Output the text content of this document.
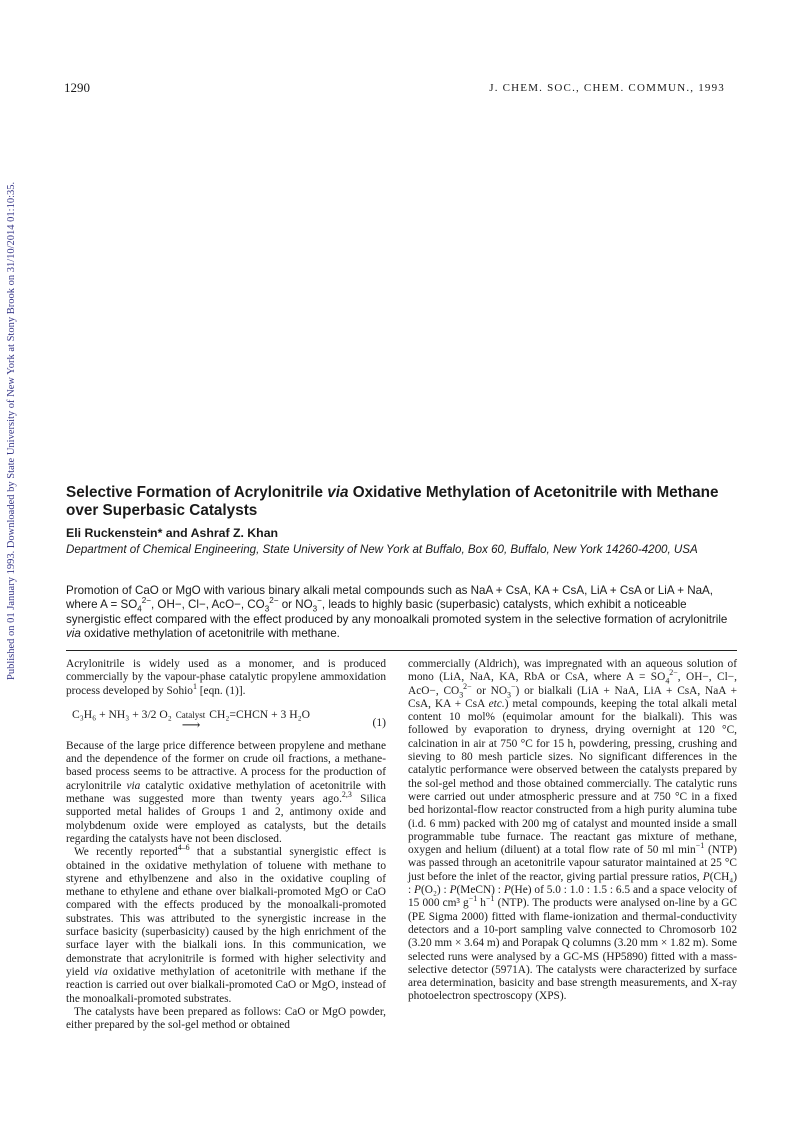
1290	J. CHEM. SOC., CHEM. COMMUN., 1993
Published on 01 January 1993. Downloaded by State University of New York at Stony Brook on 31/10/2014 01:10:35.	Selective Formation of Acrylonitrile via Oxidative Methylation of Acetonitrile with Methane over Superbasic Catalysts
Eli Ruckenstein* and Ashraf Z. Khan
Department of Chemical Engineering, State University of New York at Buffalo, Box 60, Buffalo, New York 14260-4200, USA

Promotion of CaO or MgO with various binary alkali metal compounds such as NaA + CsA, KA + CsA, LiA + CsA or LiA + NaA, where $A = SO_4^{2-}$, OH−, Cl−, AcO−, $CO_3^{2-}$ or $NO_3^-$, leads to highly basic (superbasic) catalysts, which exhibit a noticeable synergistic effect compared with the effect produced by any monoalkali promoted system in the selective formation of acrylonitrile via oxidative methylation of acetonitrile with methane.

Acrylonitrile is widely used as a monomer, and is produced commercially by the vapour-phase catalytic propylene ammoxidation process developed by Sohio$^1$ [eqn. (1)].

C₃H₆ + NH₃ + 3/2 O₂ Catalyst
⟶
CH₂=CHCN + 3 H₂O
(1)

Because of the large price difference between propylene and methane and the dependence of the former on crude oil fractions, a methane-based process seems to be attractive. A process for the production of acrylonitrile via catalytic oxidative methylation of acetonitrile with methane was suggested more than twenty years ago.$^{2,3}$ Silica supported metal halides of Groups 1 and 2, antimony oxide and molybdenum oxide were employed as catalysts, but the details regarding the catalysts have not been disclosed.

We recently reported$^{4-6}$ that a substantial synergistic effect is obtained in the oxidative methylation of toluene with methane to styrene and ethylbenzene and also in the oxidative coupling of methane to ethylene and ethane over bialkali-promoted MgO or CaO compared with the effects produced by the monoalkali-promoted substrates. This was attributed to the synergistic increase in the surface basicity (superbasicity) caused by the high enrichment of the surface layer with the bialkali ions. In this communication, we demonstrate that acrylonitrile is formed with higher selectivity and yield via oxidative methylation of acetonitrile with methane if the reaction is carried out over bialkali-promoted CaO or MgO, instead of the monoalkali-promoted substrates.

The catalysts have been prepared as follows: CaO or MgO powder, either prepared by the sol-gel method or obtained

commercially (Aldrich), was impregnated with an aqueous solution of mono (LiA, NaA, KA, RbA or CsA, where $A = SO_4^{2-}$, OH−, Cl−, AcO−, $CO_3^{2-}$ or $NO_3^-$) or bialkali (LiA + NaA, LiA + CsA, NaA + CsA, KA + CsA etc.) metal compounds, keeping the total alkali metal content 10 mol% (equimolar amount for the bialkali). This was followed by evaporation to dryness, drying overnight at 120 °C, calcination in air at 750 °C for 15 h, powdering, pressing, crushing and sieving to 80 mesh particle sizes. No significant differences in the catalytic performance were observed between the catalysts prepared by the sol-gel method and those obtained commercially. The catalytic runs were carried out under atmospheric pressure and at 750 °C in a fixed bed horizontal-flow reactor constructed from a high purity alumina tube (i.d. 6 mm) packed with 200 mg of catalyst and mounted inside a small programmable tube furnace. The reactant gas mixture of methane, oxygen and helium (diluent) at a total flow rate of 50 ml $\min^{-1} (NTP)$ was passed through an acetonitrile vapour saturator maintained at 25 °C just before the inlet of the reactor, giving partial pressure ratios, P(CH₄) : P(O₂) : P(MeCN) : P(He) of 5.0 : 1.0 : 1.5 : 6.5 and a space velocity of 15 000 cm³ $g^{-1}$ $h^{-1}$ (NTP). The products were analysed on-line by a GC (PE Sigma 2000) fitted with flame-ionization and thermal-conductivity detectors and a 10-port sampling valve connected to Chromosorb 102 (3.20 mm × 3.64 m) and Porapak Q columns (3.20 mm × 1.82 m). Some selected runs were analysed by a GC-MS (HP5890) fitted with a mass-selective detector (5971A). The catalysts were characterized by surface area determination, basicity and base strength measurements, and X-ray photoelectron spectroscopy (XPS).
